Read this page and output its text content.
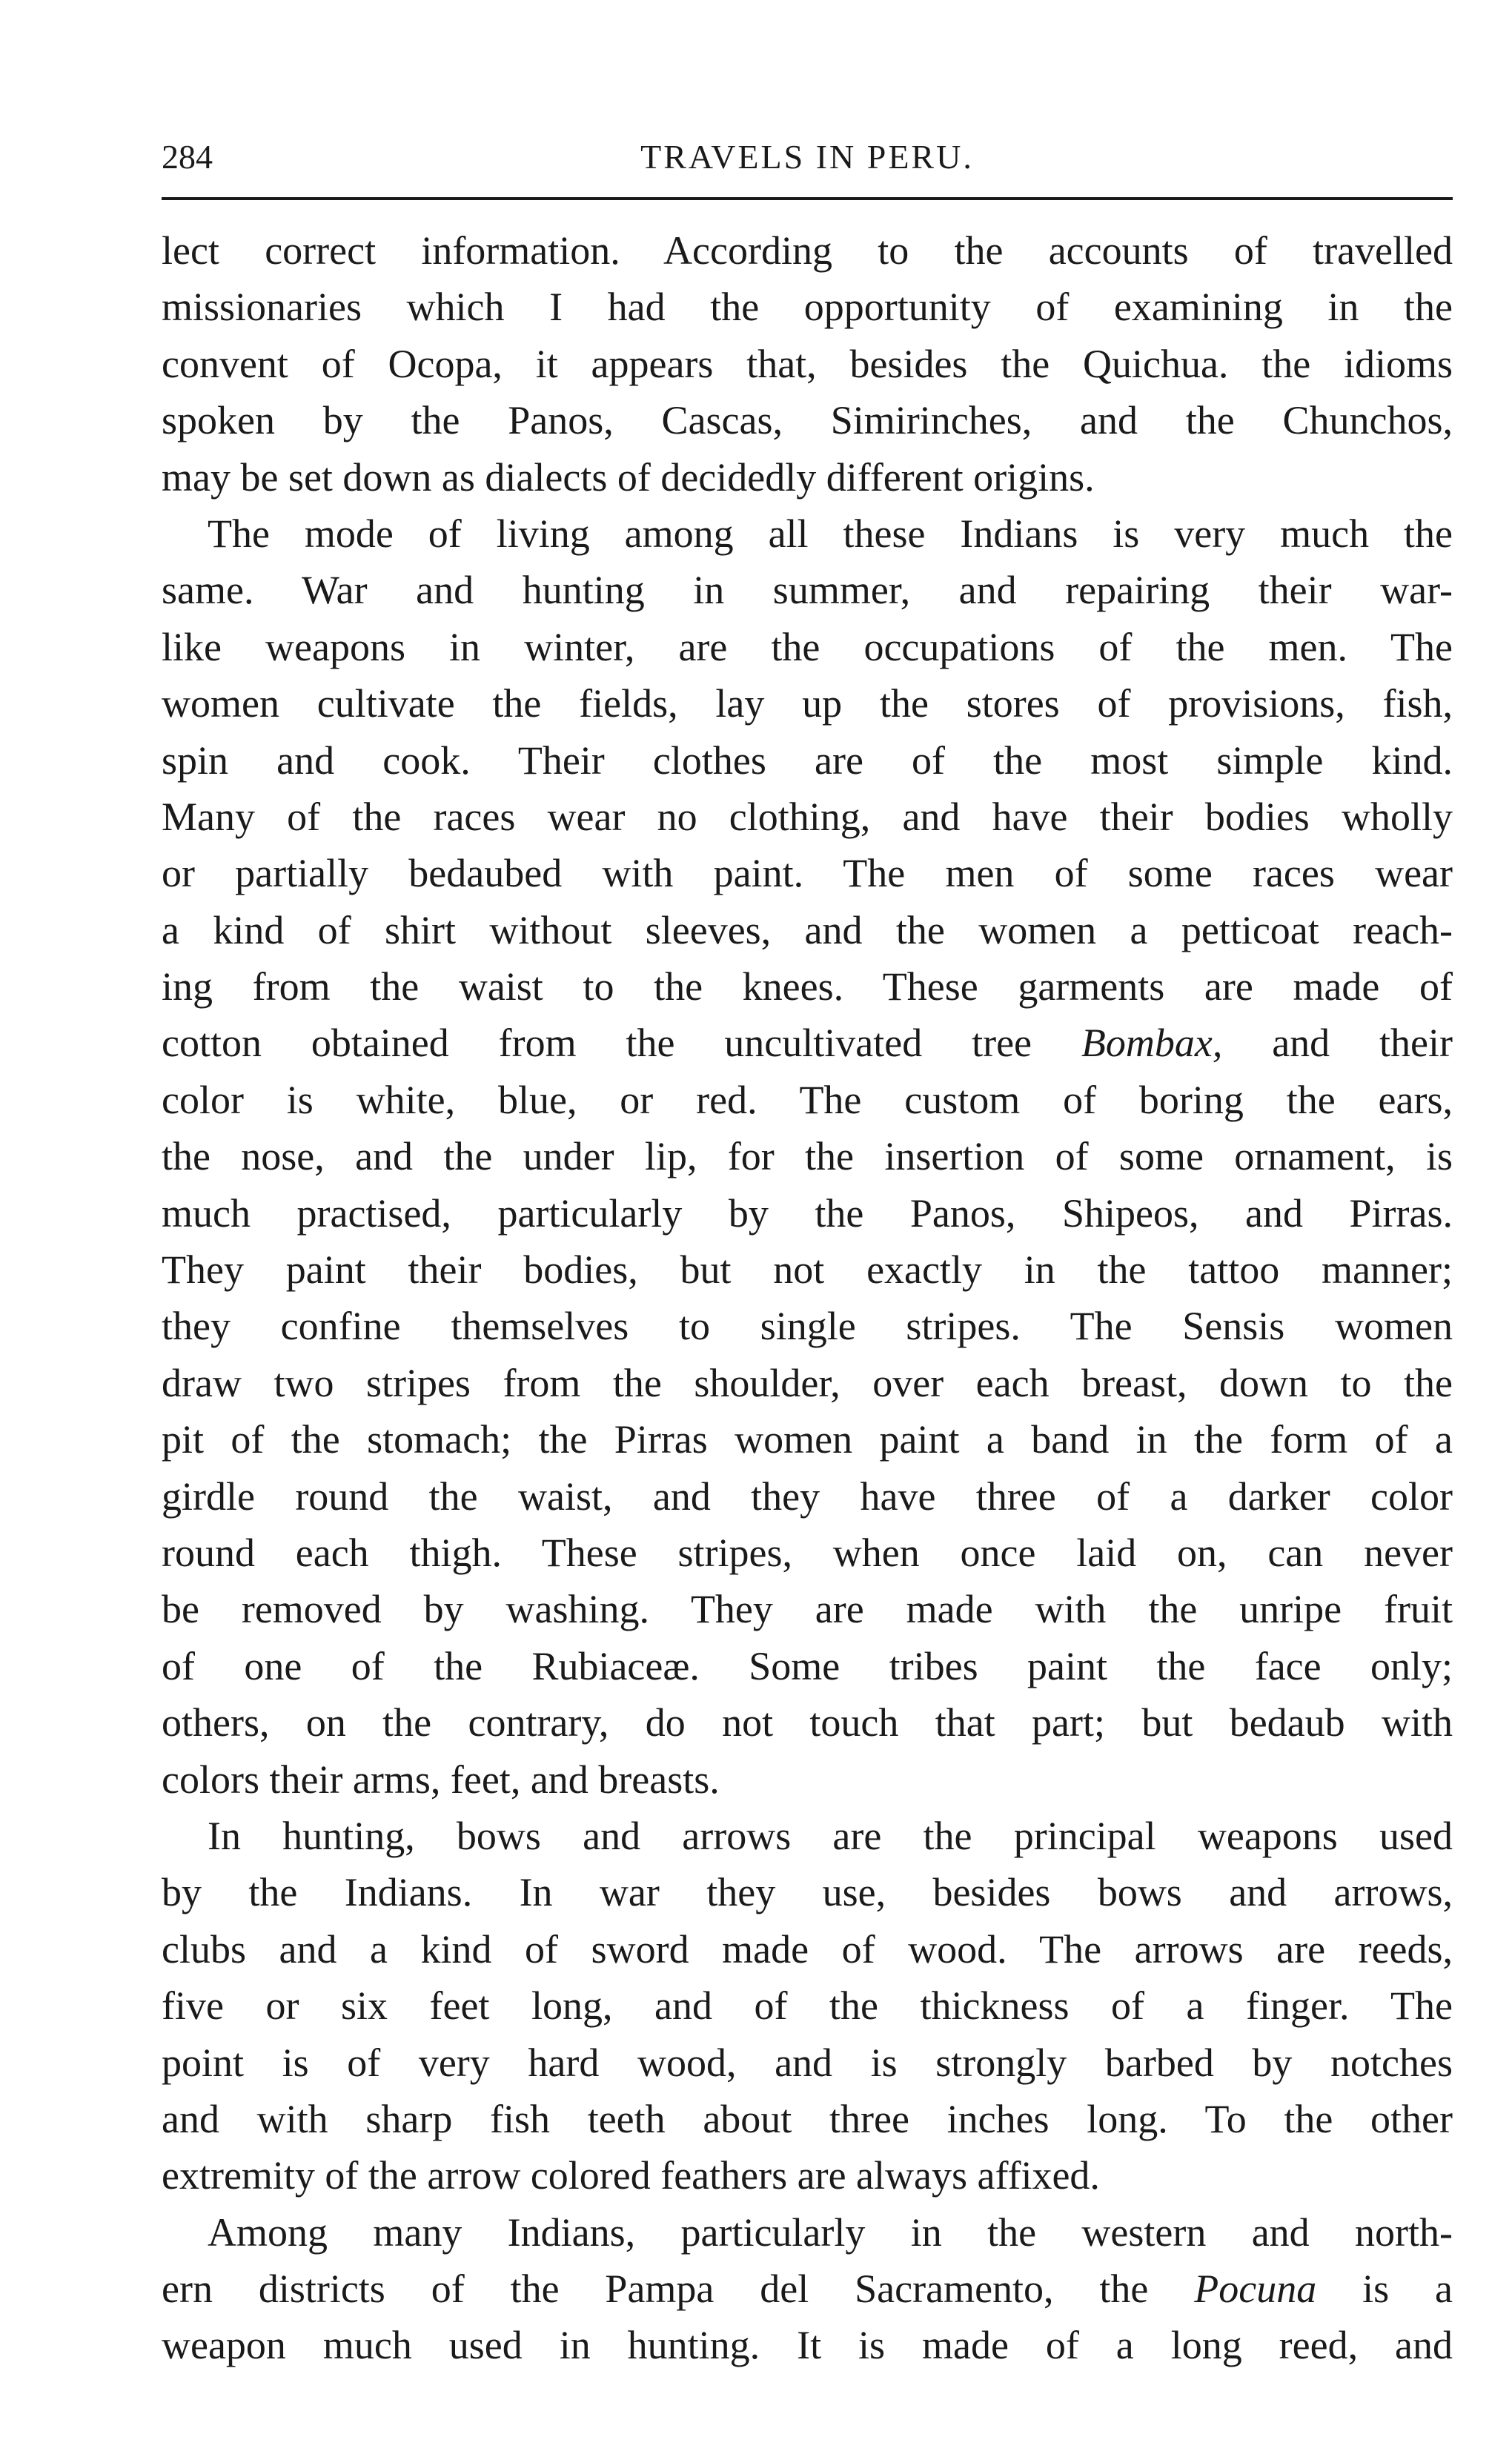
284	TRAVELS IN PERU.
lect correct information. According to the accounts of travelled
missionaries which I had the opportunity of examining in the
convent of Ocopa, it appears that, besides the Quichua. the idioms
spoken by the Panos, Cascas, Simirinches, and the Chunchos,
may be set down as dialects of decidedly different origins.
The mode of living among all these Indians is very much the
same. War and hunting in summer, and repairing their war-
like weapons in winter, are the occupations of the men. The
women cultivate the fields, lay up the stores of provisions, fish,
spin and cook. Their clothes are of the most simple kind.
Many of the races wear no clothing, and have their bodies wholly
or partially bedaubed with paint. The men of some races wear
a kind of shirt without sleeves, and the women a petticoat reach-
ing from the waist to the knees. These garments are made of
cotton obtained from the uncultivated tree Bombax, and their
color is white, blue, or red. The custom of boring the ears,
the nose, and the under lip, for the insertion of some ornament, is
much practised, particularly by the Panos, Shipeos, and Pirras.
They paint their bodies, but not exactly in the tattoo manner;
they confine themselves to single stripes. The Sensis women
draw two stripes from the shoulder, over each breast, down to the
pit of the stomach; the Pirras women paint a band in the form of a
girdle round the waist, and they have three of a darker color
round each thigh. These stripes, when once laid on, can never
be removed by washing. They are made with the unripe fruit
of one of the Rubiaceæ. Some tribes paint the face only;
others, on the contrary, do not touch that part; but bedaub with
colors their arms, feet, and breasts.
In hunting, bows and arrows are the principal weapons used
by the Indians. In war they use, besides bows and arrows,
clubs and a kind of sword made of wood. The arrows are reeds,
five or six feet long, and of the thickness of a finger. The
point is of very hard wood, and is strongly barbed by notches
and with sharp fish teeth about three inches long. To the other
extremity of the arrow colored feathers are always affixed.
Among many Indians, particularly in the western and north-
ern districts of the Pampa del Sacramento, the Pocuna is a
weapon much used in hunting. It is made of a long reed, and
